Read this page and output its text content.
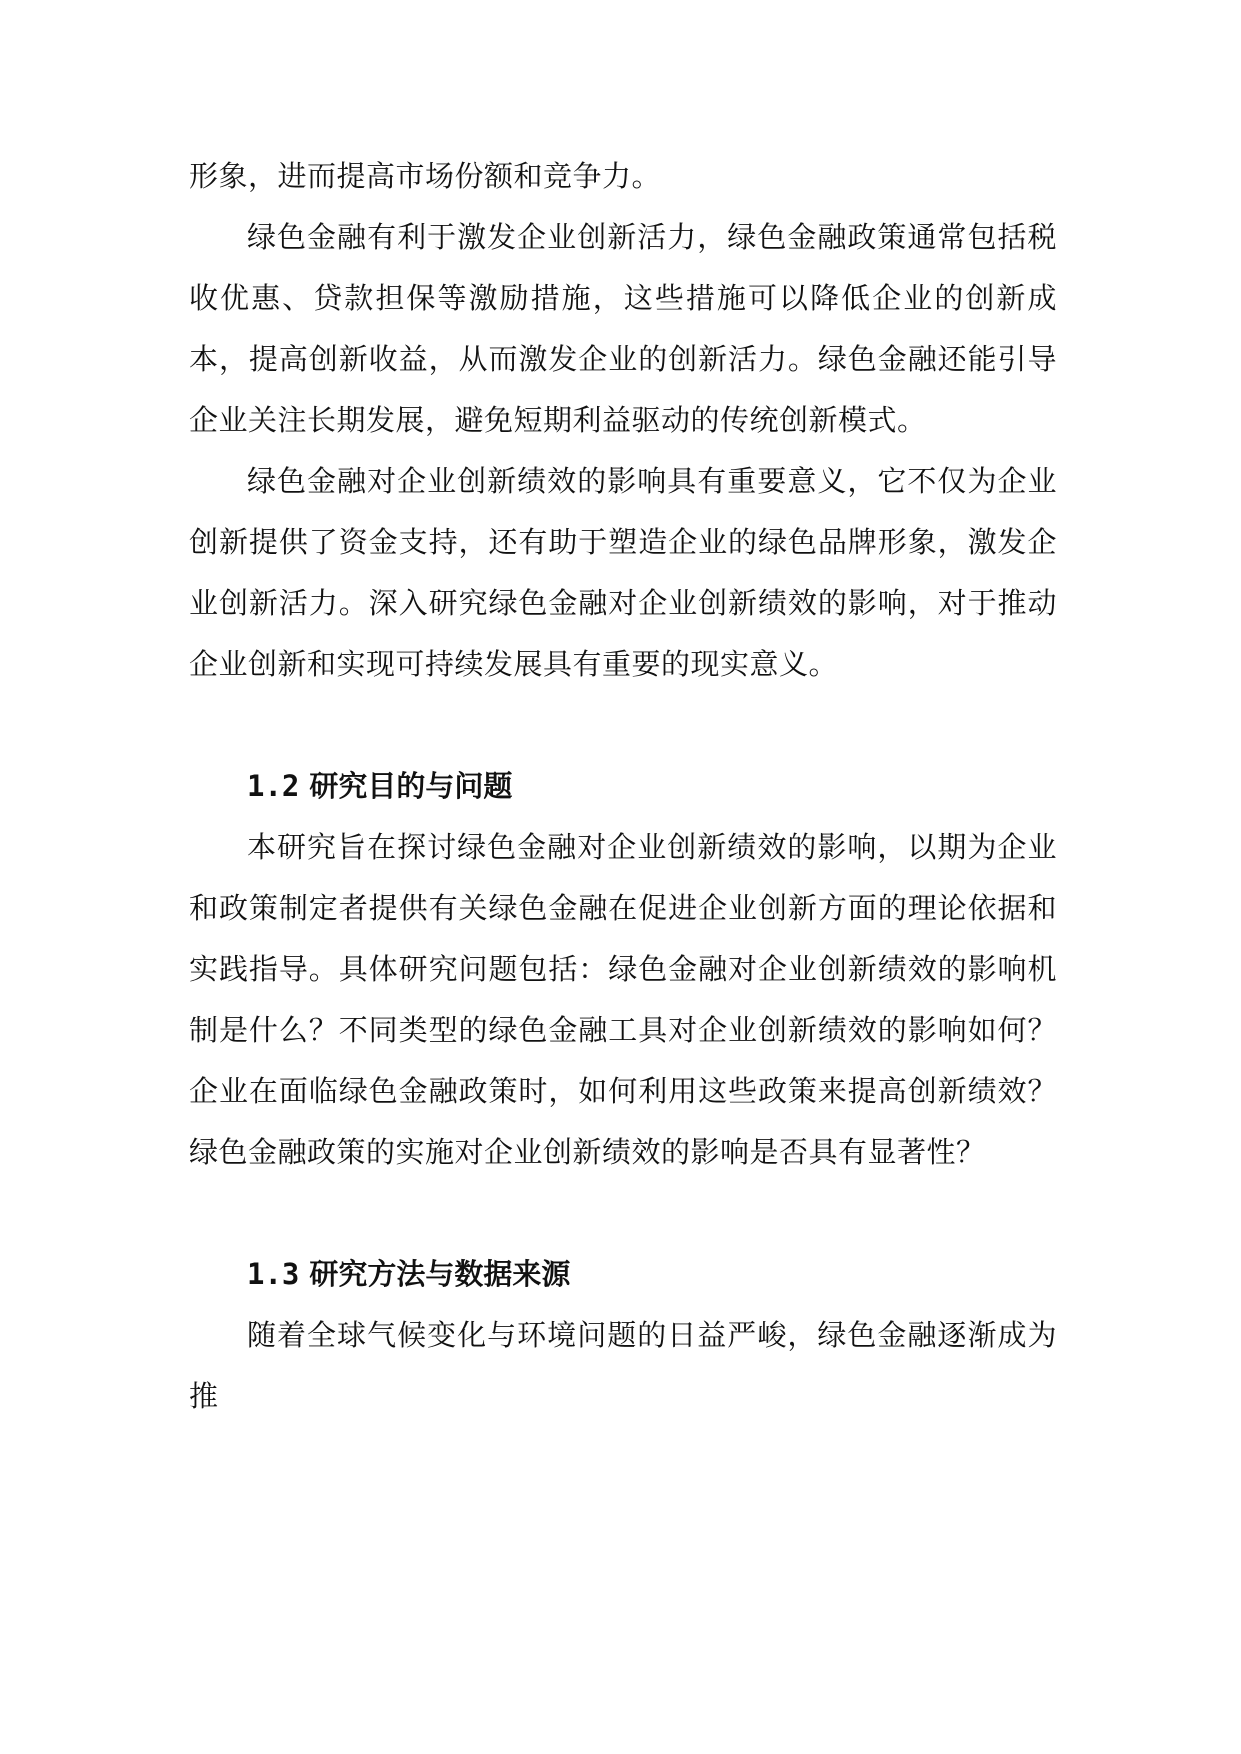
形象，进而提高市场份额和竞争力。

绿色金融有利于激发企业创新活力，绿色金融政策通常包括税收优惠、贷款担保等激励措施，这些措施可以降低企业的创新成本，提高创新收益，从而激发企业的创新活力。绿色金融还能引导企业关注长期发展，避免短期利益驱动的传统创新模式。

绿色金融对企业创新绩效的影响具有重要意义，它不仅为企业创新提供了资金支持，还有助于塑造企业的绿色品牌形象，激发企业创新活力。深入研究绿色金融对企业创新绩效的影响，对于推动企业创新和实现可持续发展具有重要的现实意义。

1.2 研究目的与问题

本研究旨在探讨绿色金融对企业创新绩效的影响，以期为企业和政策制定者提供有关绿色金融在促进企业创新方面的理论依据和实践指导。具体研究问题包括：绿色金融对企业创新绩效的影响机制是什么？不同类型的绿色金融工具对企业创新绩效的影响如何？企业在面临绿色金融政策时，如何利用这些政策来提高创新绩效？绿色金融政策的实施对企业创新绩效的影响是否具有显著性？

1.3 研究方法与数据来源

随着全球气候变化与环境问题的日益严峻，绿色金融逐渐成为推
